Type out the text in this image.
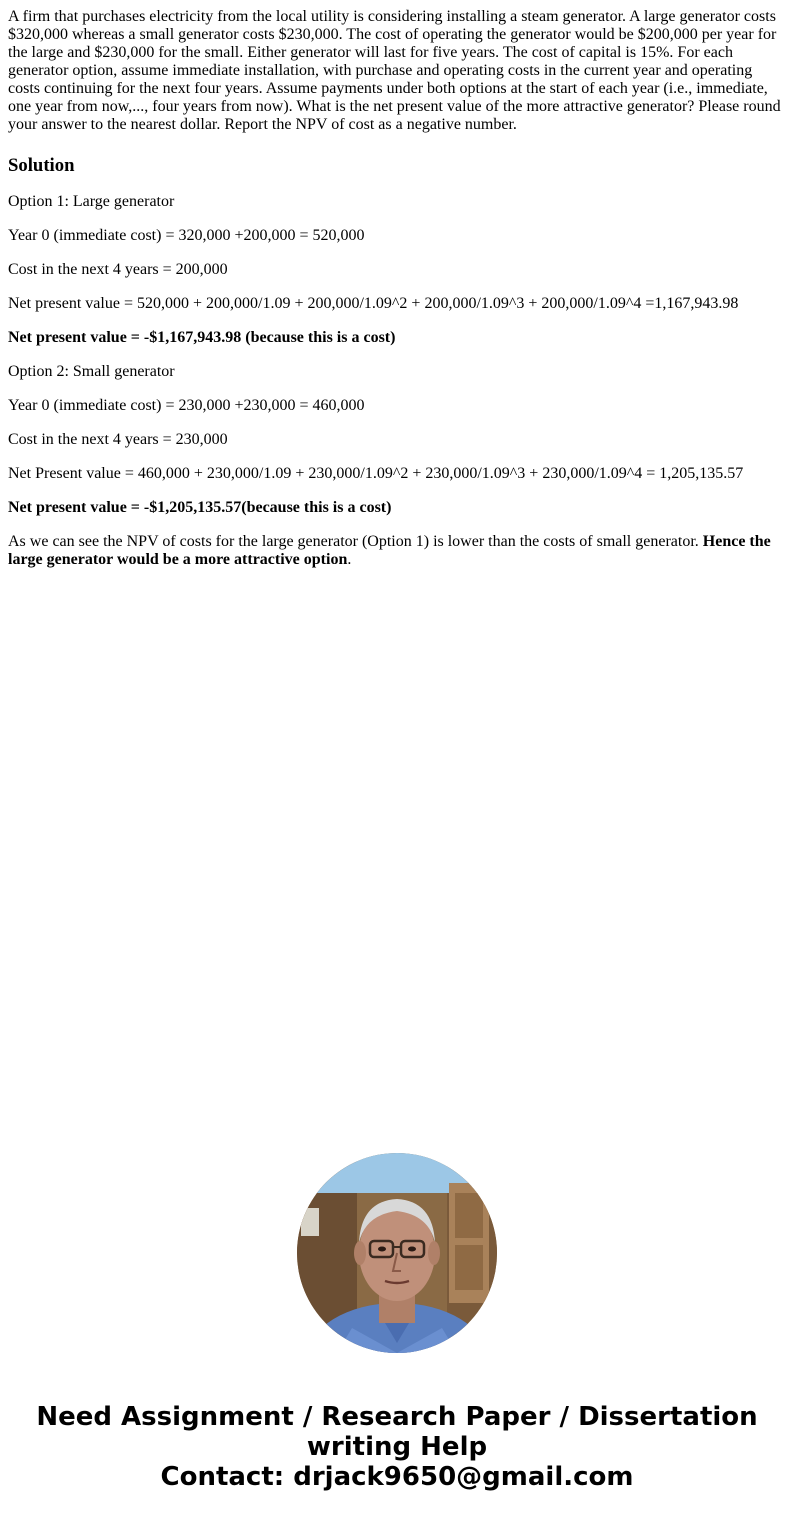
A firm that purchases electricity from the local utility is considering installing a steam generator. A large generator costs $320,000 whereas a small generator costs $230,000. The cost of operating the generator would be $200,000 per year for the large and $230,000 for the small. Either generator will last for five years. The cost of capital is 15%. For each generator option, assume immediate installation, with purchase and operating costs in the current year and operating costs continuing for the next four years. Assume payments under both options at the start of each year (i.e., immediate, one year from now,..., four years from now). What is the net present value of the more attractive generator? Please round your answer to the nearest dollar. Report the NPV of cost as a negative number.

Solution

Option 1: Large generator

Year 0 (immediate cost) = 320,000 +200,000 = 520,000

Cost in the next 4 years = 200,000

Net present value = 520,000 + 200,000/1.09 + 200,000/1.09^2 + 200,000/1.09^3 + 200,000/1.09^4 =1,167,943.98

Net present value = -$1,167,943.98 (because this is a cost)

Option 2: Small generator

Year 0 (immediate cost) = 230,000 +230,000 = 460,000

Cost in the next 4 years = 230,000

Net Present value = 460,000 + 230,000/1.09 + 230,000/1.09^2 + 230,000/1.09^3 + 230,000/1.09^4 = 1,205,135.57

Net present value = -$1,205,135.57(because this is a cost)

As we can see the NPV of costs for the large generator (Option 1) is lower than the costs of small generator. Hence the large generator would be a more attractive option.

Need Assignment / Research Paper / Dissertation
writing Help
Contact: drjack9650@gmail.com
